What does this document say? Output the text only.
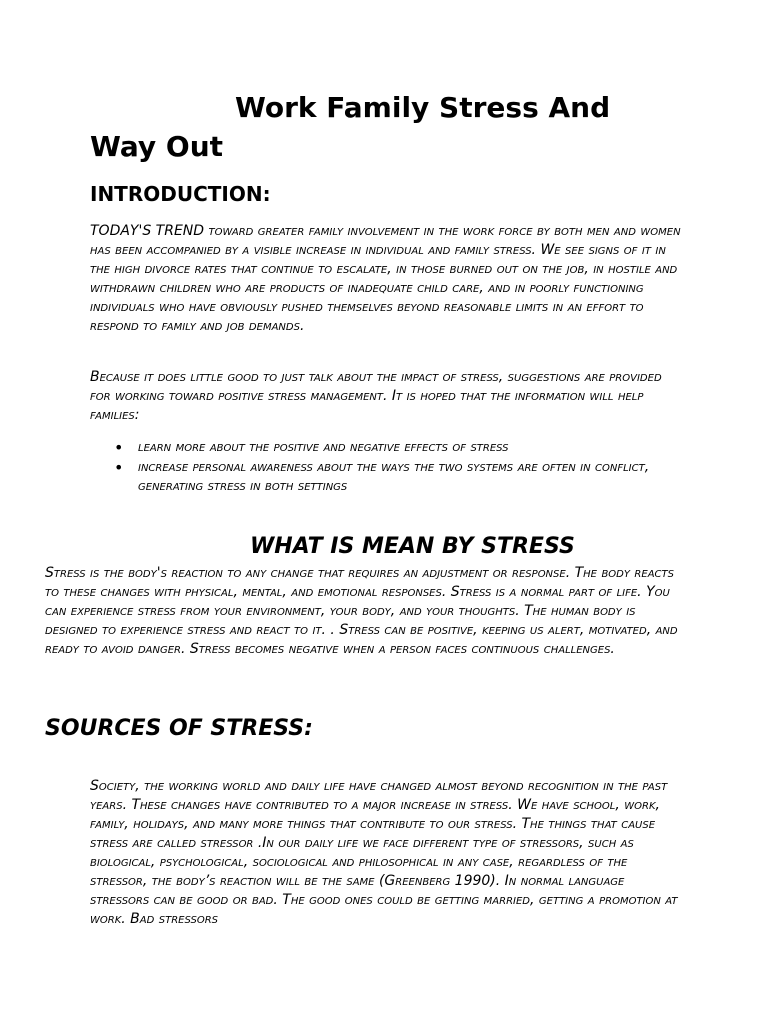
Work Family Stress And Way Out
INTRODUCTION:

TODAY'S TREND toward greater family involvement in the work force by both men and women has been accompanied by a visible increase in individual and family stress. We see signs of it in the high divorce rates that continue to escalate, in those burned out on the job, in hostile and withdrawn children who are products of inadequate child care, and in poorly functioning individuals who have obviously pushed themselves beyond reasonable limits in an effort to respond to family and job demands.

Because it does little good to just talk about the impact of stress, suggestions are provided for working toward positive stress management. It is hoped that the information will help families:

• learn more about the positive and negative effects of stress
• increase personal awareness about the ways the two systems are often in conflict, generating stress in both settings
WHAT IS MEAN BY STRESS

Stress is the body's reaction to any change that requires an adjustment or response. The body reacts to these changes with physical, mental, and emotional responses. Stress is a normal part of life. You can experience stress from your environment, your body, and your thoughts. The human body is designed to experience stress and react to it. . Stress can be positive, keeping us alert, motivated, and ready to avoid danger. Stress becomes negative when a person faces continuous challenges.

SOURCES OF STRESS:

Society, the working world and daily life have changed almost beyond recognition in the past years. These changes have contributed to a major increase in stress. We have school, work, family, holidays, and many more things that contribute to our stress. The things that cause stress are called stressor .In our daily life we face different type of stressors, such as biological, psychological, sociological and philosophical in any case, regardless of the stressor, the body’s reaction will be the same (Greenberg 1990). In normal language stressors can be good or bad. The good ones could be getting married, getting a promotion at work. Bad stressors
